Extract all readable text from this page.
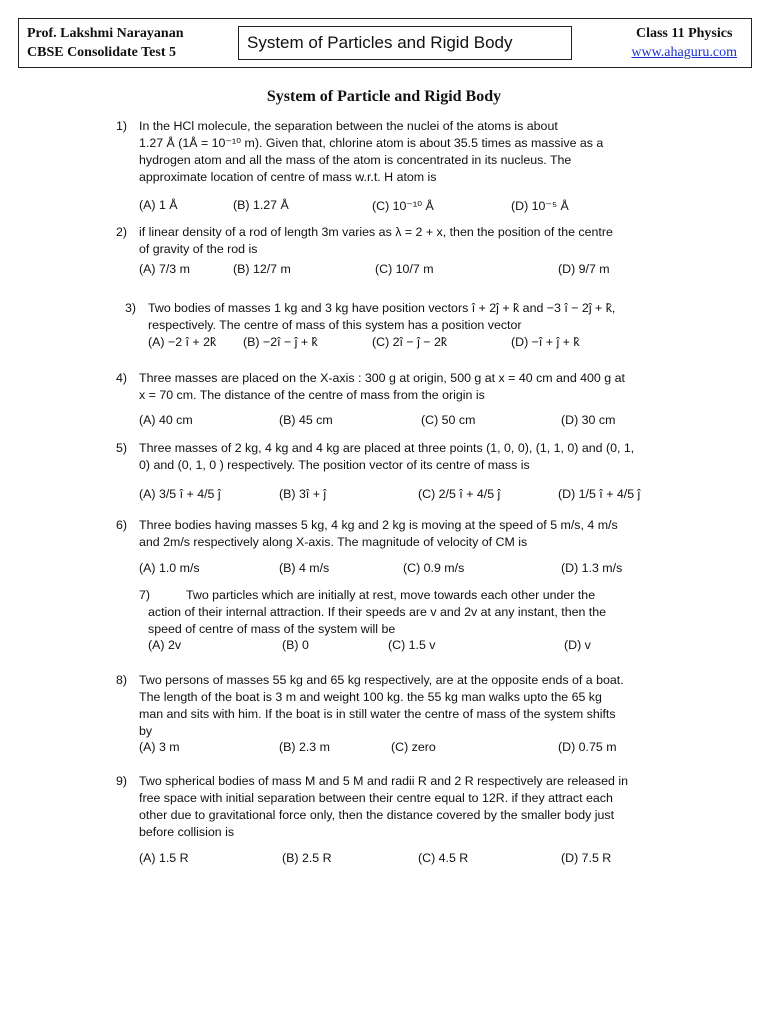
Prof. Lakshmi Narayanan
CBSE Consolidate Test 5
System of Particles and Rigid Body	Class 11 Physics
www.ahaguru.com
System of Particle and Rigid Body
1) In the HCl molecule, the separation between the nuclei of the atoms is about
1.27 Å (1Å = 10⁻¹⁰ m). Given that, chlorine atom is about 35.5 times as massive as a
hydrogen atom and all the mass of the atom is concentrated in its nucleus. The
approximate location of centre of mass w.r.t. H atom is
(A) 1 Å	(B) 1.27 Å	(C) 10⁻¹⁰ Å	(D) 10⁻⁵ Å
2) if linear density of a rod of length 3m varies as λ = 2 + x, then the position of the centre
of gravity of the rod is
(A) 7/3 m	(B) 12/7 m	(C) 10/7 m	(D) 9/7 m
3) Two bodies of masses 1 kg and 3 kg have position vectors î + 2ĵ + k̂ and −3 î − 2ĵ + k̂,
respectively. The centre of mass of this system has a position vector
(A) −2 î + 2k̂ (B) −2î − ĵ + k̂	(C) 2î − ĵ − 2k̂	(D) −î + ĵ + k̂
4) Three masses are placed on the X-axis : 300 g at origin, 500 g at x = 40 cm and 400 g at
x = 70 cm. The distance of the centre of mass from the origin is
(A) 40 cm	(B) 45 cm	(C) 50 cm	(D) 30 cm
5) Three masses of 2 kg, 4 kg and 4 kg are placed at three points (1, 0, 0), (1, 1, 0) and (0, 1,
0) and (0, 1, 0 ) respectively. The position vector of its centre of mass is
(A) 3/5 î + 4/5 ĵ	(B) 3î + ĵ	(C) 2/5 î + 4/5 ĵ	(D) 1/5 î + 4/5 ĵ
6) Three bodies having masses 5 kg, 4 kg and 2 kg is moving at the speed of 5 m/s, 4 m/s
and 2m/s respectively along X-axis. The magnitude of velocity of CM is
(A) 1.0 m/s	(B) 4 m/s	(C) 0.9 m/s	(D) 1.3 m/s
7)	Two particles which are initially at rest, move towards each other under the
action of their internal attraction. If their speeds are v and 2v at any instant, then the
speed of centre of mass of the system will be
(A) 2v	(B) 0	(C) 1.5 v	(D) v
8) Two persons of masses 55 kg and 65 kg respectively, are at the opposite ends of a boat.
The length of the boat is 3 m and weight 100 kg. the 55 kg man walks upto the 65 kg
man and sits with him. If the boat is in still water the centre of mass of the system shifts
by
(A) 3 m	(B) 2.3 m	(C) zero	(D) 0.75 m
9) Two spherical bodies of mass M and 5 M and radii R and 2 R respectively are released in
free space with initial separation between their centre equal to 12R. if they attract each
other due to gravitational force only, then the distance covered by the smaller body just
before collision is
(A) 1.5 R	(B) 2.5 R	(C) 4.5 R	(D) 7.5 R
